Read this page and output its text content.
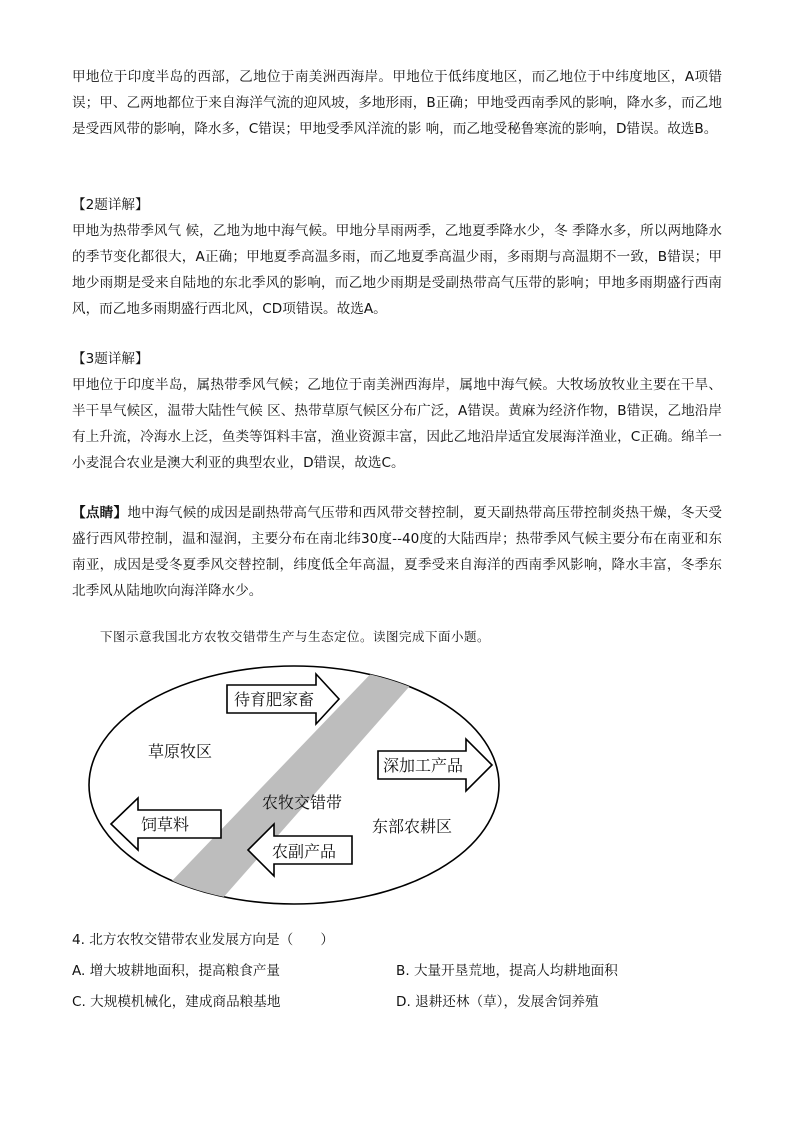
甲地位于印度半岛的西部，乙地位于南美洲西海岸。甲地位于低纬度地区，而乙地位于中纬度地区，A项错误；甲、乙两地都位于来自海洋气流的迎风坡，多地形雨，B正确；甲地受西南季风的影响，降水多，而乙地是受西风带的影响，降水多，C错误；甲地受季风洋流的影 响，而乙地受秘鲁寒流的影响，D错误。故选B。

【2题详解】

甲地为热带季风气 候，乙地为地中海气候。甲地分旱雨两季，乙地夏季降水少，冬 季降水多，所以两地降水的季节变化都很大，A正确；甲地夏季高温多雨，而乙地夏季高温少雨，多雨期与高温期不一致，B错误；甲地少雨期是受来自陆地的东北季风的影响，而乙地少雨期是受副热带高气压带的影响；甲地多雨期盛行西南风，而乙地多雨期盛行西北风，CD项错误。故选A。

【3题详解】

甲地位于印度半岛，属热带季风气候；乙地位于南美洲西海岸，属地中海气候。大牧场放牧业主要在干旱、半干旱气候区，温带大陆性气候 区、热带草原气候区分布广泛，A错误。黄麻为经济作物，B错误，乙地沿岸有上升流，冷海水上泛，鱼类等饵料丰富，渔业资源丰富，因此乙地沿岸适宜发展海洋渔业，C正确。绵羊一小麦混合农业是澳大利亚的典型农业，D错误，故选C。

【点睛】地中海气候的成因是副热带高气压带和西风带交替控制，夏天副热带高压带控制炎热干燥，冬天受盛行西风带控制，温和湿润，主要分布在南北纬30度--40度的大陆西岸；热带季风气候主要分布在南亚和东南亚，成因是受冬夏季风交替控制，纬度低全年高温，夏季受来自海洋的西南季风影响，降水丰富，冬季东北季风从陆地吹向海洋降水少。

下图示意我国北方农牧交错带生产与生态定位。读图完成下面小题。
草原牧区
农牧交错带
东部农耕区
待育肥家畜
深加工产品
饲草料
农副产品
4. 北方农牧交错带农业发展方向是（　　）
A. 增大坡耕地面积，提高粮食产量	B. 大量开垦荒地，提高人均耕地面积
C. 大规模机械化，建成商品粮基地	D. 退耕还林（草），发展舍饲养殖
